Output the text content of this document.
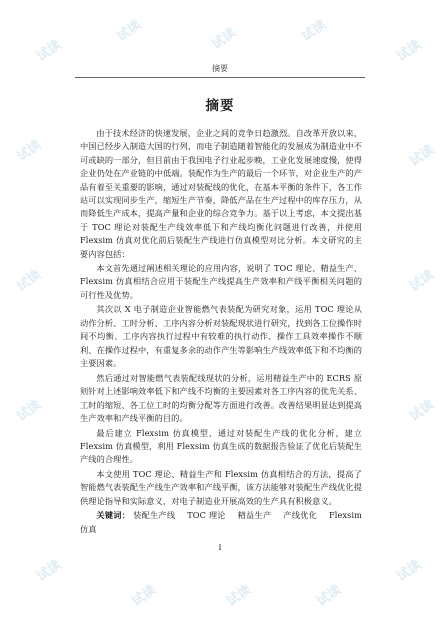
试读
试读	试读	试读
试读
试读	试读
试读	试读
试读	试读
试读
试读	试读	试读
试读
摘要
摘要

由于技术经济的快速发展，企业之间的竞争日趋激烈。自改革开放以来，中国已经步入制造大国的行列，而电子制造随着智能化的发展成为制造业中不可或缺的一部分，但目前由于我国电子行业起步晚，工业化发展速度慢，使得企业仍处在产业链的中低端。装配作为生产的最后一个环节，对企业生产的产品有着至关重要的影响，通过对装配线的优化，在基本平衡的条件下，各工作站可以实现同步生产，缩短生产节奏，降低产品在生产过程中的库存压力，从而降低生产成本，提高产量和企业的综合竞争力。基于以上考虑，本文提出基于 TOC 理论对装配生产线效率低下和产线均衡化问题进行改善，并使用 Flexsim 仿真对优化前后装配生产线进行仿真模型对比分析。本文研究的主要内容包括：

本文首先通过阐述相关理论的应用内容，说明了 TOC 理论、精益生产、Flexsim 仿真相结合应用于装配生产线提高生产效率和产线平衡相关问题的可行性及优势。

其次以 X 电子制造企业智能燃气表装配为研究对象，运用 TOC 理论从动作分析、工时分析、工序内容分析对装配现状进行研究，找到各工位操作时间不均衡、工序内容执行过程中有较难的执行动作、操作工具效率操作不顺利、在操作过程中，有重复多余的动作产生等影响生产线效率低下和不均衡的主要因素。

然后通过对智能燃气表装配线现状的分析，运用精益生产中的 ECRS 原则针对上述影响效率低下和产线不均衡的主要因素对各工序内容的优先关系、工时的缩短、各工位工时的均衡分配等方面进行改善。改善结果明显达到提高生产效率和产线平衡的目的。

最后建立 Flexsim 仿真模型，通过对装配生产线的优化分析，建立 Flexsim 仿真模型，利用 Flexsim 仿真生成的数据报告验证了优化后装配生产线的合理性。

本文使用 TOC 理论、精益生产和 Flexsim 仿真相结合的方法，提高了智能燃气表装配生产线生产效率和产线平衡，该方法能够对装配生产线优化提供理论指导和实际意义，对电子制造业开展高效的生产具有积极意义。

关键词： 装配生产线 TOC 理论 精益生产 产线优化 Flexsim 仿真

I
